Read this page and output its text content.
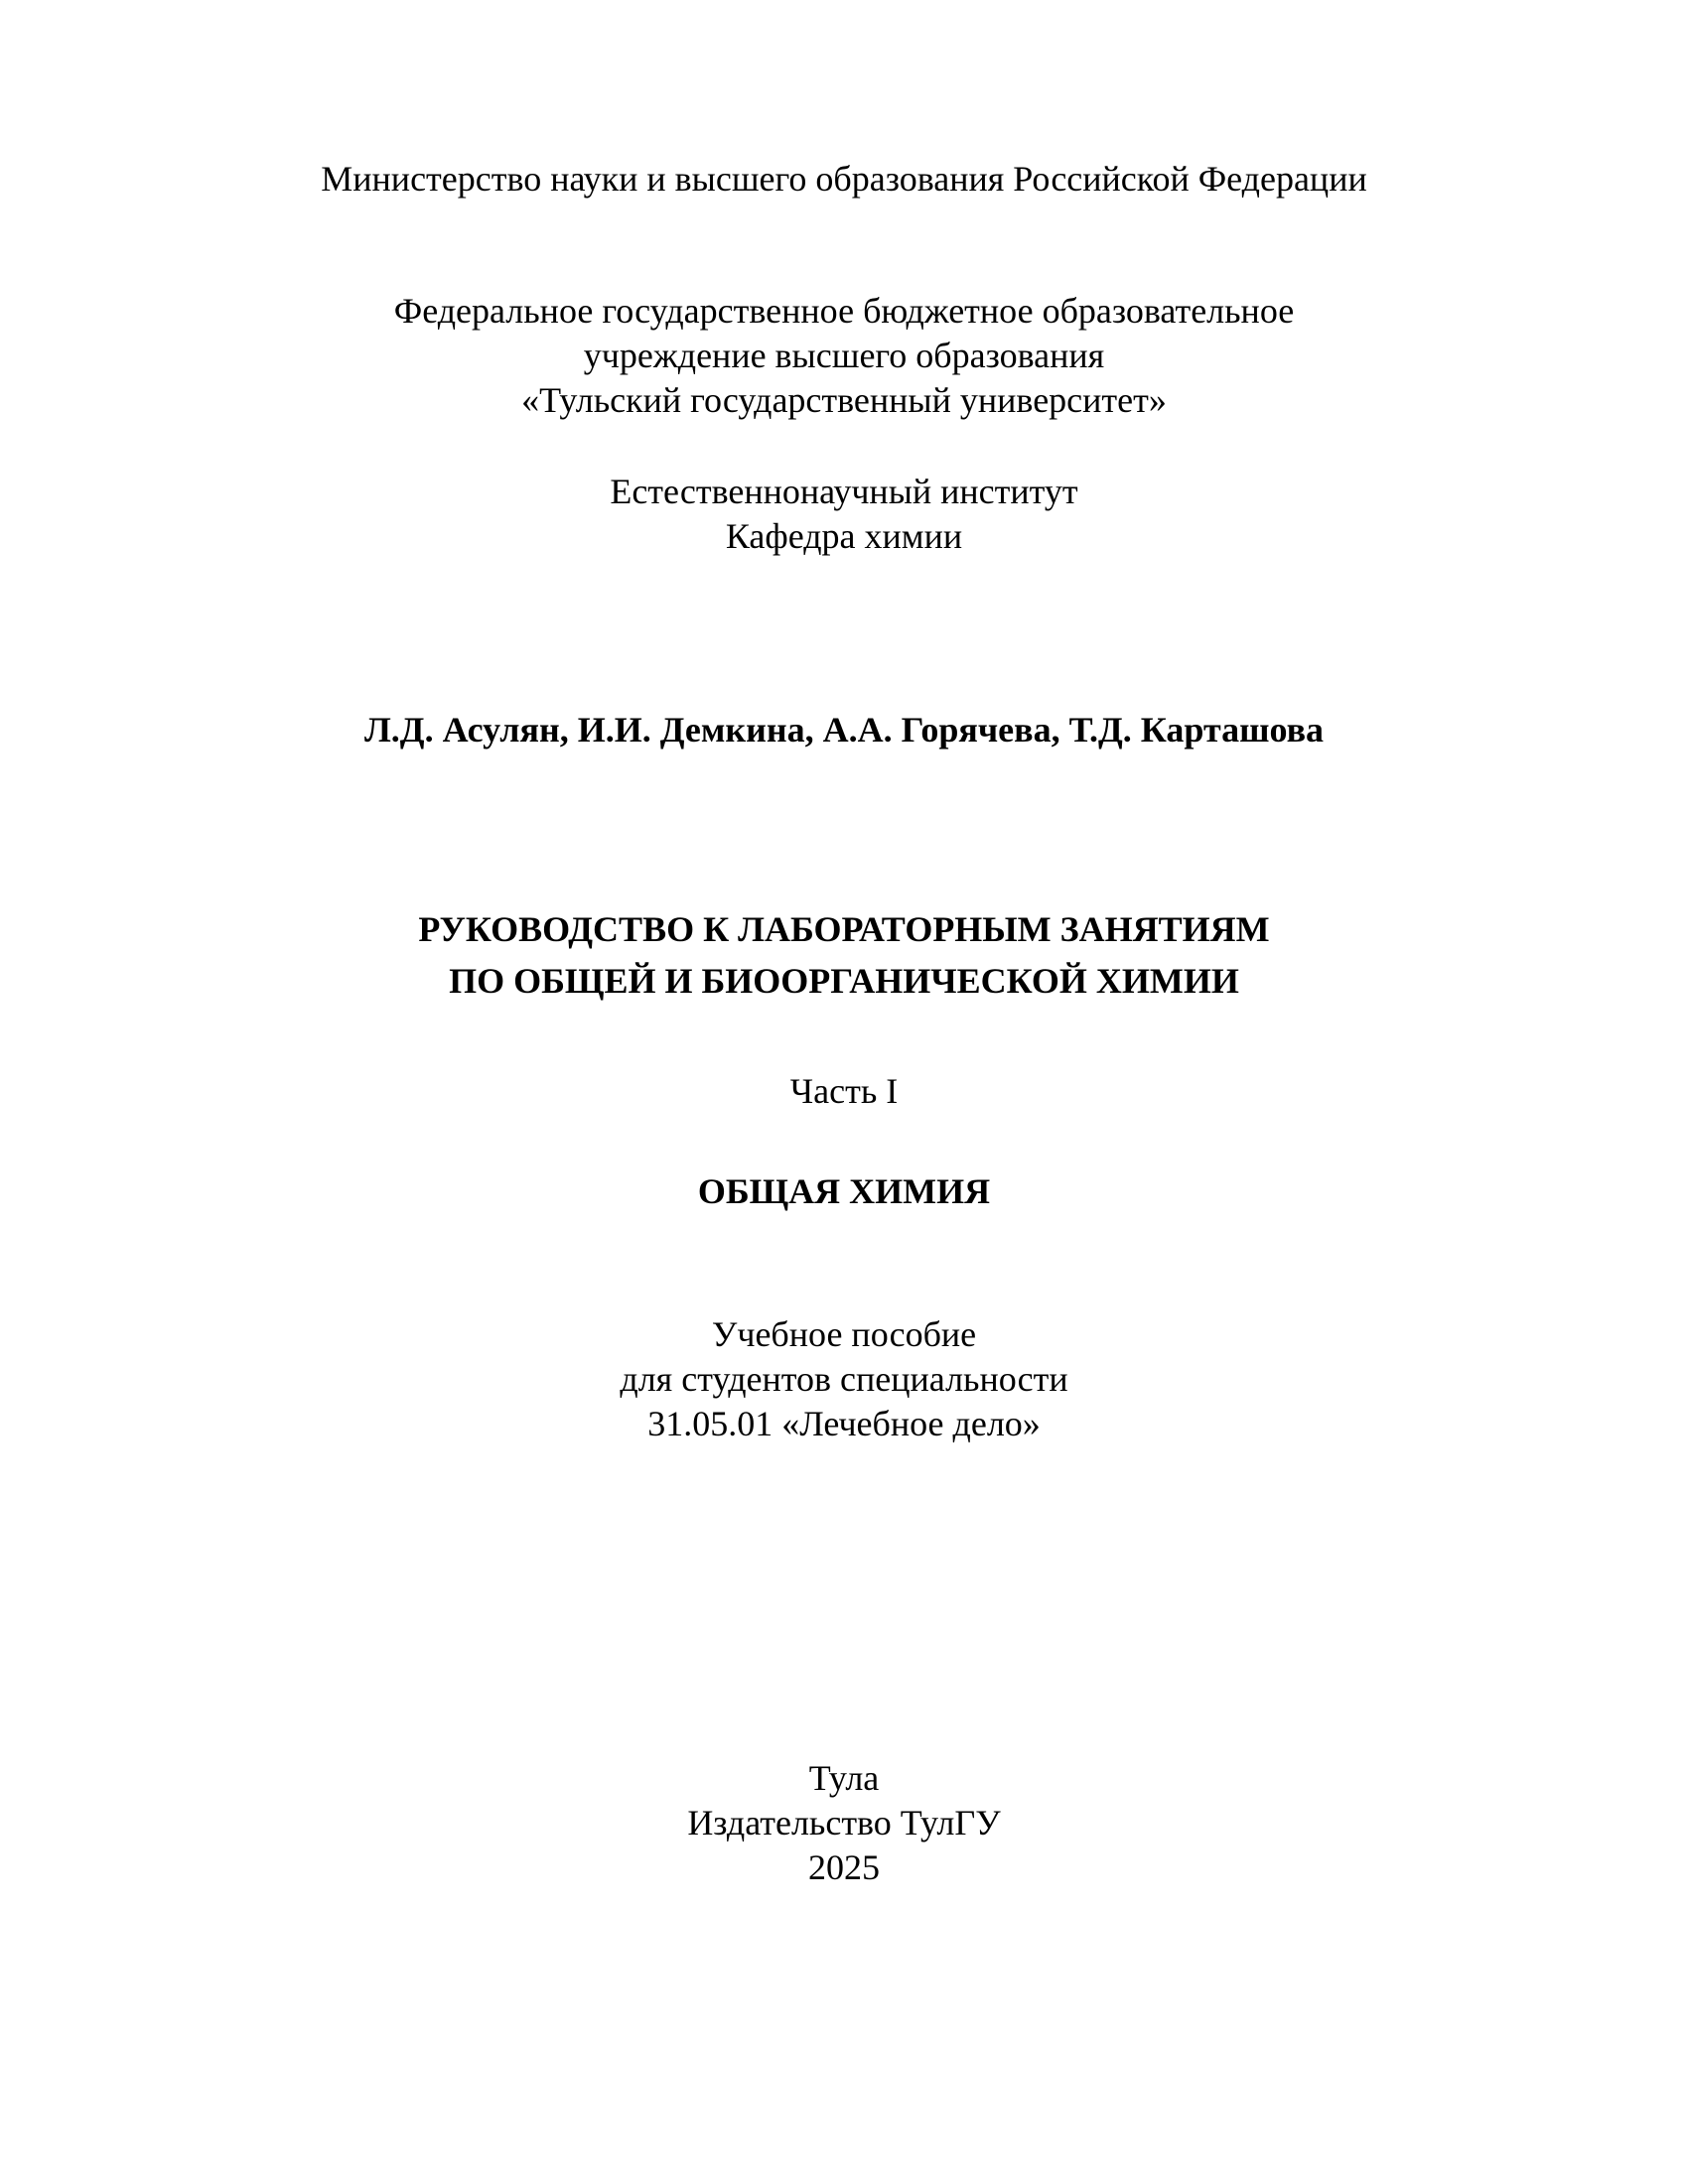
Министерство науки и высшего образования Российской Федерации
Федеральное государственное бюджетное образовательное
учреждение высшего образования
«Тульский государственный университет»
Естественнонаучный институт
Кафедра химии
Л.Д. Асулян, И.И. Демкина, А.А. Горячева, Т.Д. Карташова
РУКОВОДСТВО К ЛАБОРАТОРНЫМ ЗАНЯТИЯМ
ПО ОБЩЕЙ И БИООРГАНИЧЕСКОЙ ХИМИИ
Часть I
ОБЩАЯ ХИМИЯ
Учебное пособие
для студентов специальности
31.05.01 «Лечебное дело»
Тула
Издательство ТулГУ
2025
